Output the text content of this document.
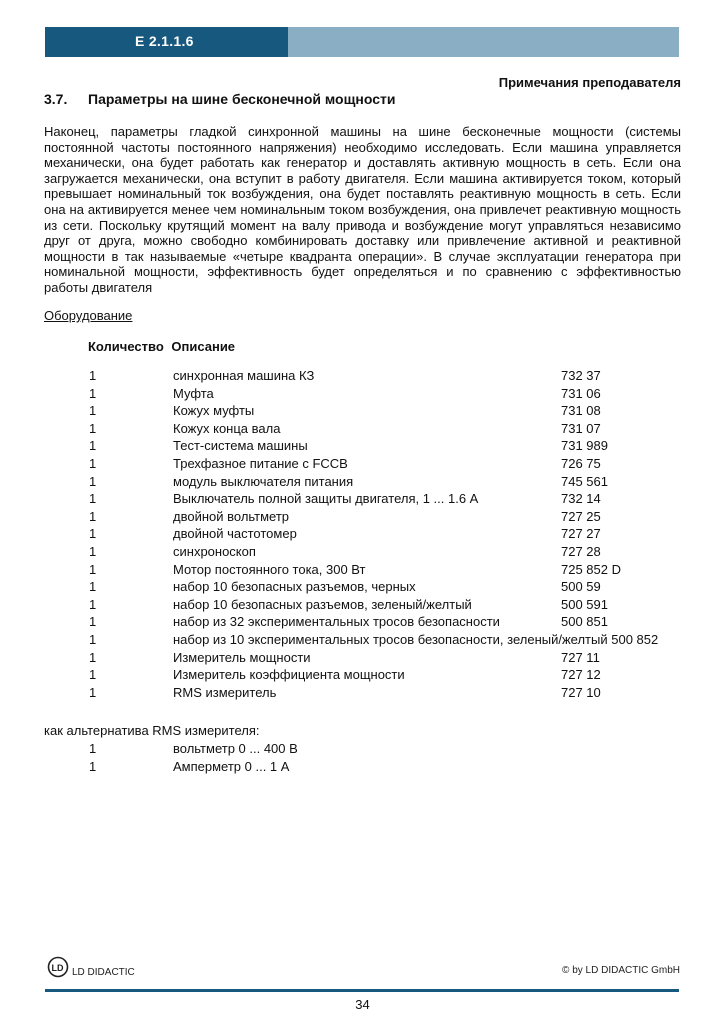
E 2.1.1.6
Примечания преподавателя
3.7. Параметры на шине бесконечной мощности

Наконец, параметры гладкой синхронной машины на шине бесконечные мощности (системы постоянной частоты постоянного напряжения) необходимо исследовать. Если машина управляется механически, она будет работать как генератор и доставлять активную мощность в сеть. Если она загружается механически, она вступит в работу двигателя. Если машина активируется током, который превышает номинальный ток возбуждения, она будет поставлять реактивную мощность в сеть. Если она на активируется менее чем номинальным током возбуждения, она привлечет реактивную мощность из сети. Поскольку крутящий момент на валу привода и возбуждение могут управляться независимо друг от друга, можно свободно комбинировать доставку или привлечение активной и реактивной мощности в так называемые «четыре квадранта операции». В случае эксплуатации генератора при номинальной мощности, эффективность будет определяться и по сравнению с эффективностью работы двигателя

Оборудование
Количество Описание
1	синхронная машина КЗ	732 37
1	Муфта	731 06
1	Кожух муфты	731 08
1	Кожух конца вала	731 07
1	Тест-система машины	731 989
1	Трехфазное питание с FCCB	726 75
1	модуль выключателя питания	745 561
1	Выключатель полной защиты двигателя, 1 ... 1.6 A	732 14
1	двойной вольтметр	727 25
1	двойной частотомер	727 27
1	синхроноскоп	727 28
1	Мотор постоянного тока, 300 Вт	725 852 D
1	набор 10 безопасных разъемов, черных	500 59
1	набор 10 безопасных разъемов, зеленый/желтый	500 591
1	набор из 32 экспериментальных тросов безопасности	500 851
1	набор из 10 экспериментальных тросов безопасности, зеленый/желтый 500 852
1	Измеритель мощности	727 11
1	Измеритель коэффициента мощности	727 12
1	RMS измеритель	727 10
как альтернатива RMS измерителя:
1	вольтметр 0 ... 400 В
1	Амперметр 0 ... 1 А
LD LD DIDACTIC	© by LD DIDACTIC GmbH
34
